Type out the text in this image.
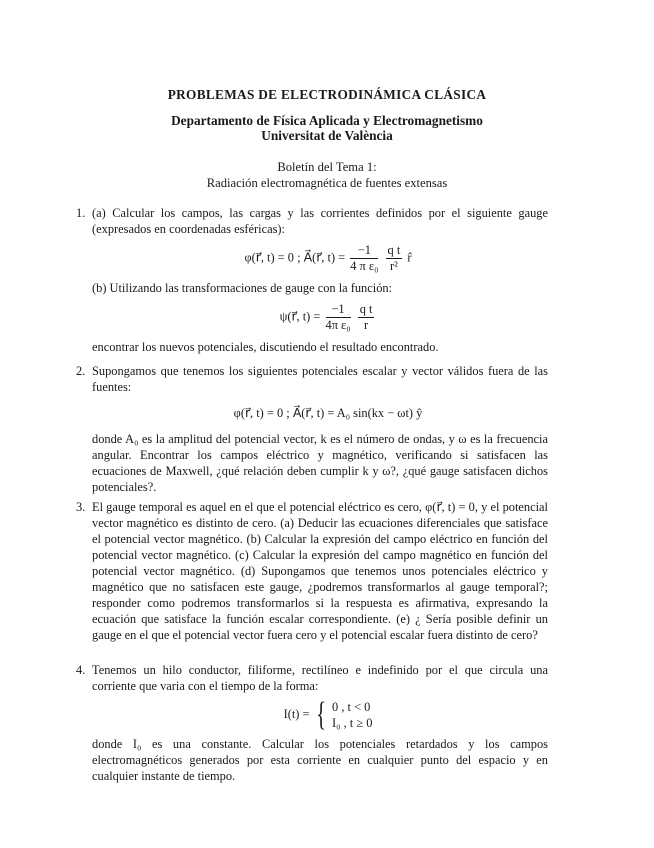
PROBLEMAS DE ELECTRODINÁMICA CLÁSICA
Departamento de Física Aplicada y Electromagnetismo
Universitat de València
Boletín del Tema 1:
Radiación electromagnética de fuentes extensas
1. (a) Calcular los campos, las cargas y las corrientes definidos por el siguiente gauge (expresados en coordenadas esféricas):
φ(r⃗, t) = 0 ; A⃗(r⃗, $t) = \frac{-1}{\text{4 π ε₀}}$
$\frac{\text{q t}}{\text{r²}}$ r̂
(b) Utilizando las transformaciones de gauge con la función:
ψ(r⃗, $t) = \frac{-1}{\text{4π ε₀}}$
$\frac{\text{q t}}{r}$
encontrar los nuevos potenciales, discutiendo el resultado encontrado.
2. Supongamos que tenemos los siguientes potenciales escalar y vector válidos fuera de las fuentes:
φ(r⃗, t) = 0 ; A⃗(r⃗, t) = A₀ sin(kx − ωt) ŷ
donde A₀ es la amplitud del potencial vector, k es el número de ondas, y ω es la frecuencia angular. Encontrar los campos eléctrico y magnético, verificando si satisfacen las ecuaciones de Maxwell, ¿qué relación deben cumplir k y ω?, ¿qué gauge satisfacen dichos potenciales?.
3. El gauge temporal es aquel en el que el potencial eléctrico es cero, φ(r⃗, t) = 0, y el potencial vector magnético es distinto de cero. (a) Deducir las ecuaciones diferenciales que satisface el potencial vector magnético. (b) Calcular la expresión del campo eléctrico en función del potencial vector magnético. (c) Calcular la expresión del campo magnético en función del potencial vector magnético. (d) Supongamos que tenemos unos potenciales eléctrico y magnético que no satisfacen este gauge, ¿podremos transformarlos al gauge temporal?; responder como podremos transformarlos si la respuesta es afirmativa, expresando la ecuación que satisface la función escalar correspondiente. (e) ¿ Sería posible definir un gauge en el que el potencial vector fuera cero y el potencial escalar fuera distinto de cero?
4. Tenemos un hilo conductor, filiforme, rectilíneo e indefinido por el que circula una corriente que varia con el tiempo de la forma:
I(t) = { 0 , t < 0
I₀ , t ≥ 0
donde I₀ es una constante. Calcular los potenciales retardados y los campos electromagnéticos generados por esta corriente en cualquier punto del espacio y en cualquier instante de tiempo.
